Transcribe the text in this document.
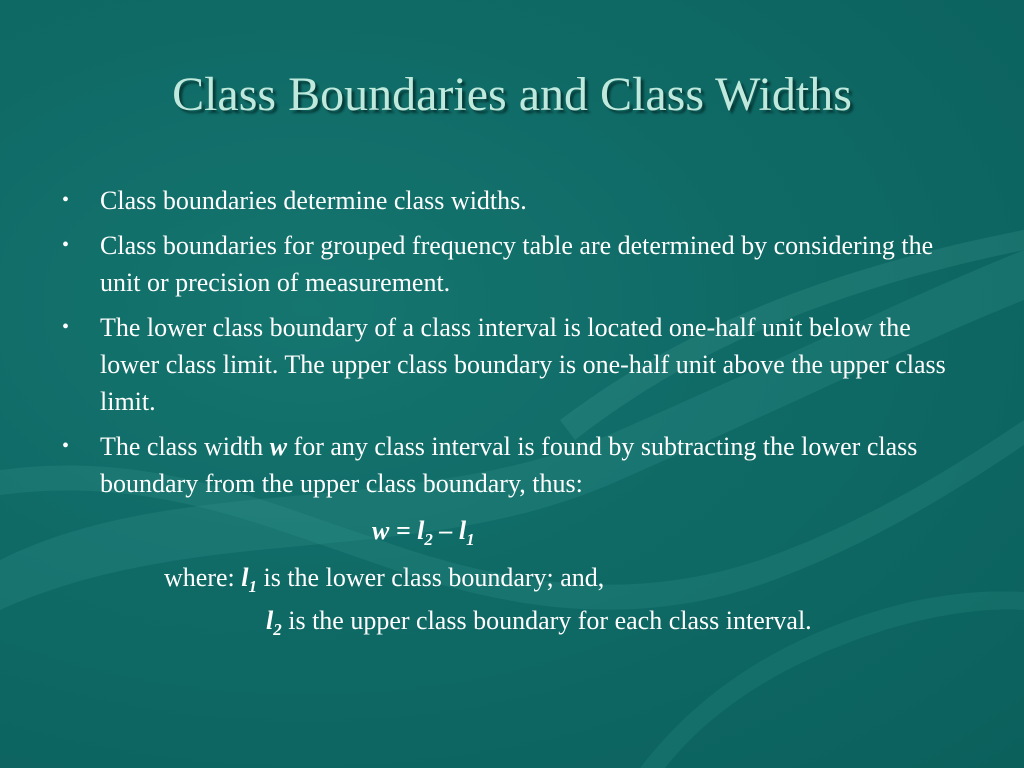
Class Boundaries and Class Widths
• Class boundaries determine class widths.
• Class boundaries for grouped frequency table are determined by considering the unit or precision of measurement.
• The lower class boundary of a class interval is located one-half unit below the lower class limit. The upper class boundary is one-half unit above the upper class limit.
• The class width w for any class interval is found by subtracting the lower class boundary from the upper class boundary, thus:
$w = l_2 - l_1$
where: $l_1$ is the lower class boundary; and,
$l_2$ is the upper class boundary for each class interval.
